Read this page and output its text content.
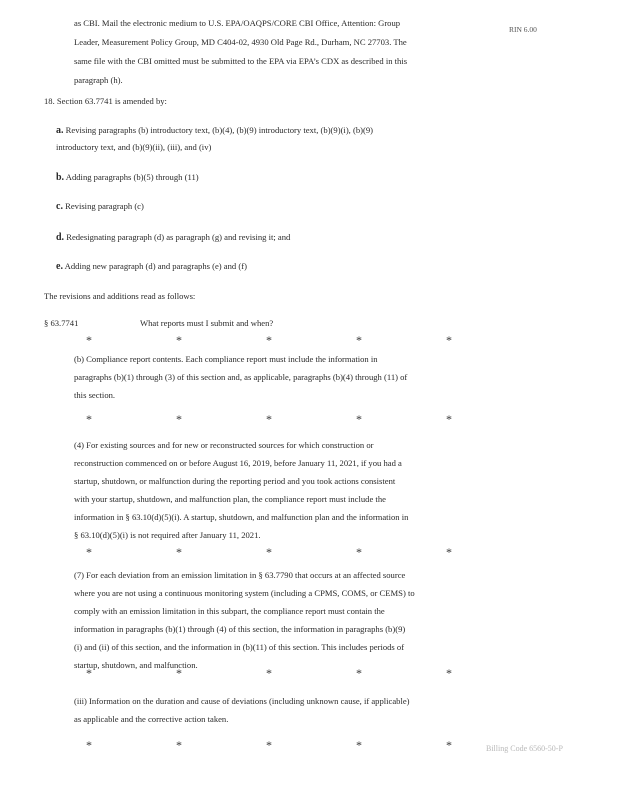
RIN 6.00
as CBI. Mail the electronic medium to U.S. EPA/OAQPS/CORE CBI Office, Attention: Group
Leader, Measurement Policy Group, MD C404-02, 4930 Old Page Rd., Durham, NC 27703. The
same file with the CBI omitted must be submitted to the EPA via EPA’s CDX as described in this
paragraph (h).
18. Section 63.7741 is amended by:
a. Revising paragraphs (b) introductory text, (b)(4), (b)(9) introductory text, (b)(9)(i), (b)(9)
introductory text, and (b)(9)(ii), (iii), and (iv)
b. Adding paragraphs (b)(5) through (11)
c. Revising paragraph (c)
d. Redesignating paragraph (d) as paragraph (g) and revising it; and
e. Adding new paragraph (d) and paragraphs (e) and (f)
The revisions and additions read as follows:
§ 63.7741	What reports must I submit and when?
*	*	*	*	*
(b) Compliance report contents. Each compliance report must include the information in
paragraphs (b)(1) through (3) of this section and, as applicable, paragraphs (b)(4) through (11) of
this section.
*	*	*	*	*
(4) For existing sources and for new or reconstructed sources for which construction or
reconstruction commenced on or before August 16, 2019, before January 11, 2021, if you had a
startup, shutdown, or malfunction during the reporting period and you took actions consistent
with your startup, shutdown, and malfunction plan, the compliance report must include the
information in § 63.10(d)(5)(i). A startup, shutdown, and malfunction plan and the information in
§ 63.10(d)(5)(i) is not required after January 11, 2021.
*	*	*	*	*
(7) For each deviation from an emission limitation in § 63.7790 that occurs at an affected source
where you are not using a continuous monitoring system (including a CPMS, COMS, or CEMS) to
comply with an emission limitation in this subpart, the compliance report must contain the
information in paragraphs (b)(1) through (4) of this section, the information in paragraphs (b)(9)
(i) and (ii) of this section, and the information in (b)(11) of this section. This includes periods of
startup, shutdown, and malfunction.
*	*	*	*	*
(iii) Information on the duration and cause of deviations (including unknown cause, if applicable)
as applicable and the corrective action taken.
*	*	*	*	*	Billing Code 6560-50-P
